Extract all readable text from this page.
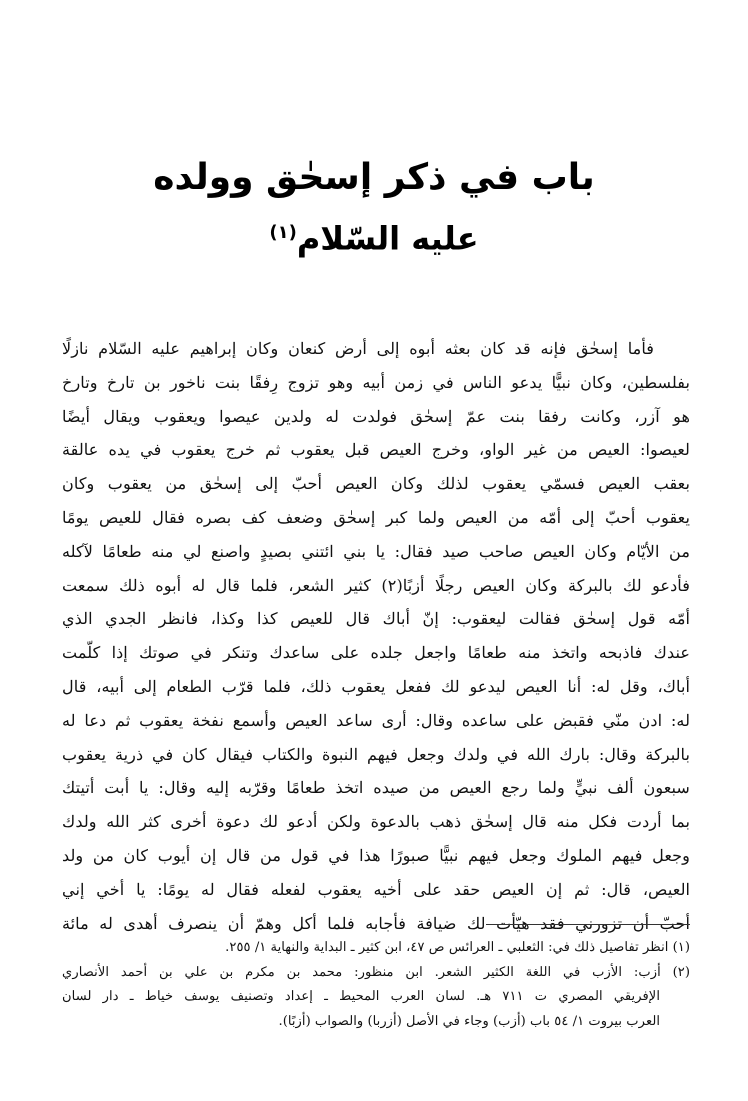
باب في ذكر إسحٰق وولده
عليه السّلام$^{(١)}$
فأما إسحٰق فإنه قد كان بعثه أبوه إلى أرض كنعان وكان إبراهيم عليه السّلام نازلًا
بفلسطين، وكان نبيًّا يدعو الناس في زمن أبيه وهو تزوج رِفقًا بنت ناخور بن تارخ وتارخ
هو آزر، وكانت رفقا بنت عمّ إسحٰق فولدت له ولدين عيصوا ويعقوب ويقال أيضًا
لعيصوا: العيص من غير الواو، وخرج العيص قبل يعقوب ثم خرج يعقوب في يده عالقة
بعقب العيص فسمّي يعقوب لذلك وكان العيص أحبّ إلى إسحٰق من يعقوب وكان
يعقوب أحبّ إلى أمّه من العيص ولما كبر إسحٰق وضعف كف بصره فقال للعيص يومًا
من الأيّام وكان العيص صاحب صيد فقال: يا بني ائتني بصيدٍ واصنع لي منه طعامًا لآكله
فأدعو لك بالبركة وكان العيص رجلًا أزبًا(٢) كثير الشعر، فلما قال له أبوه ذلك سمعت
أمّه قول إسحٰق فقالت ليعقوب: إنّ أباك قال للعيص كذا وكذا، فانظر الجدي الذي
عندك فاذبحه واتخذ منه طعامًا واجعل جلده على ساعدك وتنكر في صوتك إذا كلّمت
أباك، وقل له: أنا العيص ليدعو لك ففعل يعقوب ذلك، فلما قرّب الطعام إلى أبيه، قال
له: ادن منّي فقبض على ساعده وقال: أرى ساعد العيص وأسمع نفخة يعقوب ثم دعا له
بالبركة وقال: بارك الله في ولدك وجعل فيهم النبوة والكتاب فيقال كان في ذرية يعقوب
سبعون ألف نبيٍّ ولما رجع العيص من صيده اتخذ طعامًا وقرّبه إليه وقال: يا أبت أتيتك
بما أردت فكل منه قال إسحٰق ذهب بالدعوة ولكن أدعو لك دعوة أخرى كثر الله ولدك
وجعل فيهم الملوك وجعل فيهم نبيًّا صبورًا هذا في قول من قال إن أيوب كان من ولد
العيص، قال: ثم إن العيص حقد على أخيه يعقوب لفعله فقال له يومًا: يا أخي إني
أحبّ أن تزورني فقد هيّأت لك ضيافة فأجابه فلما أكل وهمّ أن ينصرف أهدى له مائة
(١) انظر تفاصيل ذلك في: الثعلبي ـ العرائس ص ٤٧، ابن كثير ـ البداية والنهاية ١/ ٢٥٥.
(٢) أزب: الأزب في اللغة الكثير الشعر. ابن منظور: محمد بن مكرم بن علي بن أحمد الأنصاري
الإفريقي المصري ت ٧١١ هـ. لسان العرب المحيط ـ إعداد وتصنيف يوسف خياط ـ دار لسان
العرب بيروت ١/ ٥٤ باب (أزب) وجاء في الأصل (أزربا) والصواب (أزبًا).
